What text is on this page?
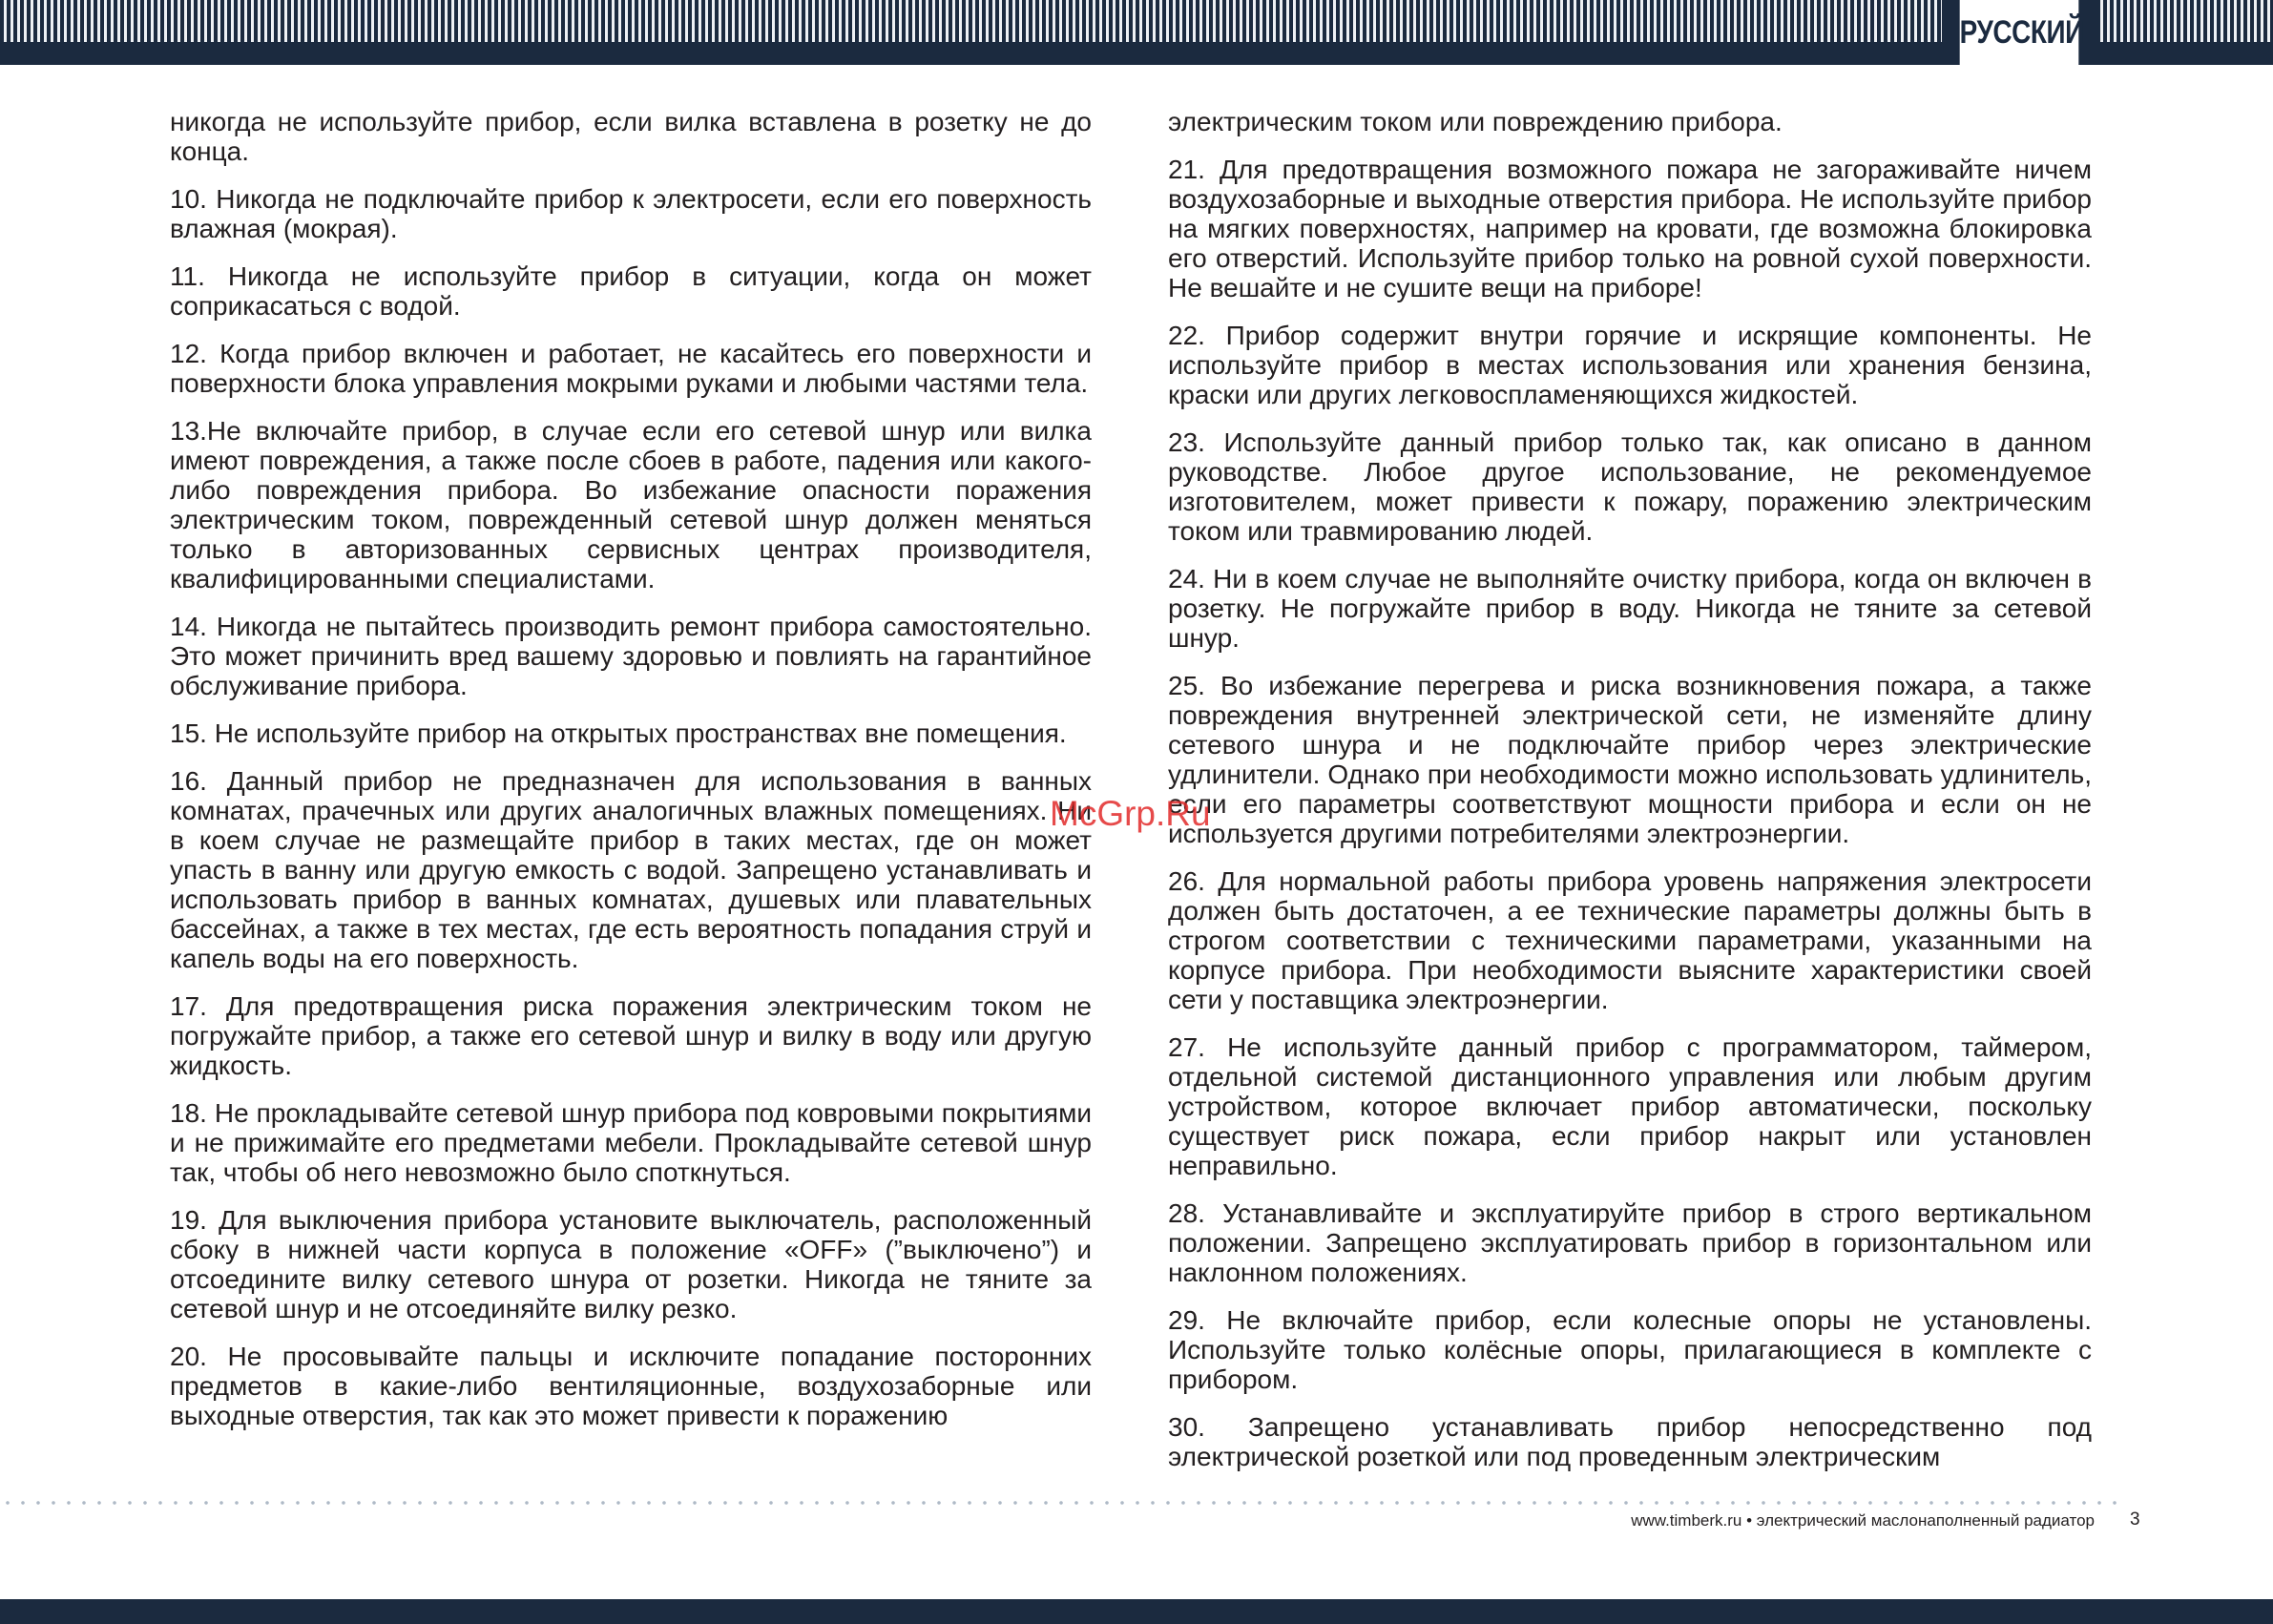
РУССКИЙ

никогда не используйте прибор, если вилка вставлена в розетку не до конца.

10. Никогда не подключайте прибор к электросети, если его поверхность влажная (мокрая).

11. Никогда не используйте прибор в ситуации, когда он может соприкасаться с водой.

12. Когда прибор включен и работает, не касайтесь его поверхности и поверхности блока управления мокрыми руками и любыми частями тела.

13.Не включайте прибор, в случае если его сетевой шнур или вилка имеют повреждения, а также после сбоев в работе, падения или какого-либо повреждения прибора. Во избежание опасности поражения электрическим током, поврежденный сетевой шнур должен меняться только в авторизованных сервисных центрах производителя, квалифицированными специалистами.

14. Никогда не пытайтесь производить ремонт прибора самостоятельно. Это может причинить вред вашему здоровью и повлиять на гарантийное обслуживание прибора.

15. Не используйте прибор на открытых пространствах вне помещения.

16. Данный прибор не предназначен для использования в ванных комнатах, прачечных или других аналогичных влажных помещениях. Ни в коем случае не размещайте прибор в таких местах, где он может упасть в ванну или другую емкость с водой. Запрещено устанавливать и использовать прибор в ванных комнатах, душевых или плавательных бассейнах, а также в тех местах, где есть вероятность попадания струй и капель воды на его поверхность.

17. Для предотвращения риска поражения электрическим током не погружайте прибор, а также его сетевой шнур и вилку в воду или другую жидкость.

18. Не прокладывайте сетевой шнур прибора под ковровыми покрытиями и не прижимайте его предметами мебели. Прокладывайте сетевой шнур так, чтобы об него невозможно было споткнуться.

19. Для выключения прибора установите выключатель, расположенный сбоку в нижней части корпуса в положение «OFF» (”выключено”) и отсоедините вилку сетевого шнура от розетки. Никогда не тяните за сетевой шнур и не отсоединяйте вилку резко.

20. Не просовывайте пальцы и исключите попадание посторонних предметов в какие-либо вентиляционные, воздухозаборные или выходные отверстия, так как это может привести к поражению

электрическим током или повреждению прибора.

21. Для предотвращения возможного пожара не загораживайте ничем воздухозаборные и выходные отверстия прибора. Не используйте прибор на мягких поверхностях, например на кровати, где возможна блокировка его отверстий. Используйте прибор только на ровной сухой поверхности. Не вешайте и не сушите вещи на приборе!

22. Прибор содержит внутри горячие и искрящие компоненты. Не используйте прибор в местах использования или хранения бензина, краски или других легковоспламеняющихся жидкостей.

23. Используйте данный прибор только так, как описано в данном руководстве. Любое другое использование, не рекомендуемое изготовителем, может привести к пожару, поражению электрическим током или травмированию людей.

24. Ни в коем случае не выполняйте очистку прибора, когда он включен в розетку. Не погружайте прибор в воду. Никогда не тяните за сетевой шнур.

25. Во избежание перегрева и риска возникновения пожара, а также повреждения внутренней электрической сети, не изменяйте длину сетевого шнура и не подключайте прибор через электрические удлинители. Однако при необходимости можно использовать удлинитель, если его параметры соответствуют мощности прибора и если он не используется другими потребителями электроэнергии.

26. Для нормальной работы прибора уровень напряжения электросети должен быть достаточен, а ее технические параметры должны быть в строгом соответствии с техническими параметрами, указанными на корпусе прибора. При необходимости выясните характеристики своей сети у поставщика электроэнергии.

27. Не используйте данный прибор с программатором, таймером, отдельной системой дистанционного управления или любым другим устройством, которое включает прибор автоматически, поскольку существует риск пожара, если прибор накрыт или установлен неправильно.

28. Устанавливайте и эксплуатируйте прибор в строго вертикальном положении. Запрещено эксплуатировать прибор в горизонтальном или наклонном положениях.

29. Не включайте прибор, если колесные опоры не установлены. Используйте только колёсные опоры, прилагающиеся в комплекте с прибором.

30. Запрещено устанавливать прибор непосредственно под электрической розеткой или под проведенным электрическим

McGrp.Ru
www.timberk.ru • электрический маслонаполненный радиатор 3
